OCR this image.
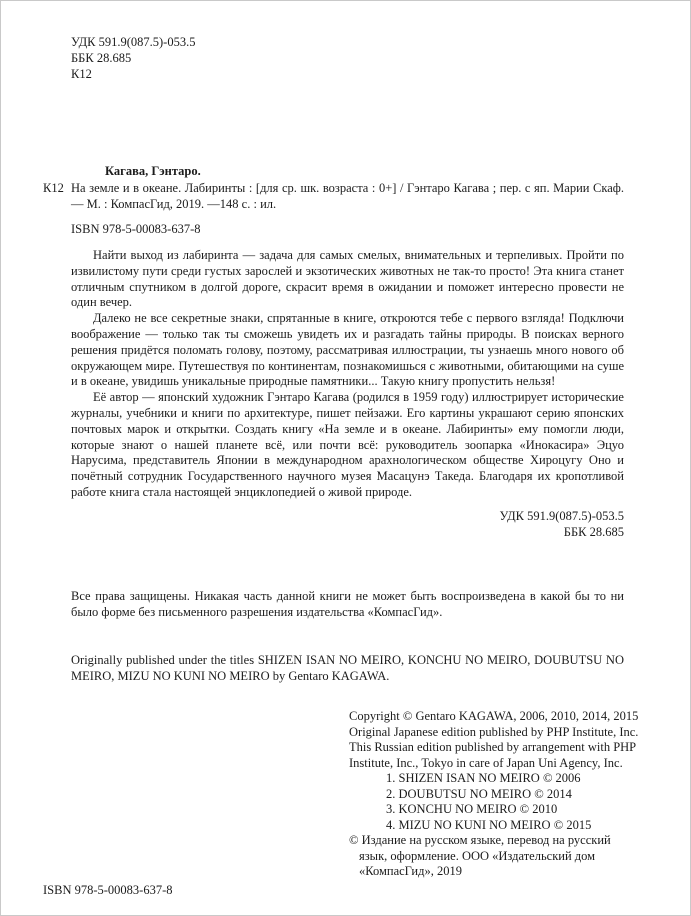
УДК 591.9(087.5)-053.5
ББК 28.685
К12
Кагава, Гэнтаро.
К12 На земле и в океане. Лабиринты : [для ср. шк. возраста : 0+] / Гэнтаро Кагава ; пер. с яп. Марии Скаф. — М. : КомпасГид, 2019. —148 с. : ил.

ISBN 978-5-00083-637-8

Найти выход из лабиринта — задача для самых смелых, внимательных и терпеливых. Пройти по извилистому пути среди густых зарослей и экзотических животных не так-то просто! Эта книга станет отличным спутником в долгой дороге, скрасит время в ожидании и поможет интересно провести не один вечер.

Далеко не все секретные знаки, спрятанные в книге, откроются тебе с первого взгляда! Подключи воображение — только так ты сможешь увидеть их и разгадать тайны природы. В поисках верного решения придётся поломать голову, поэтому, рассматривая иллюстрации, ты узнаешь много нового об окружающем мире. Путешествуя по континентам, познакомишься с животными, обитающими на суше и в океане, увидишь уникальные природные памятники... Такую книгу пропустить нельзя!

Её автор — японский художник Гэнтаро Кагава (родился в 1959 году) иллюстрирует исторические журналы, учебники и книги по архитектуре, пишет пейзажи. Его картины украшают серию японских почтовых марок и открытки. Создать книгу «На земле и в океане. Лабиринты» ему помогли люди, которые знают о нашей планете всё, или почти всё: руководитель зоопарка «Инокасира» Эцуо Нарусима, представитель Японии в международном арахнологическом обществе Хироцугу Оно и почётный сотрудник Государственного научного музея Масацунэ Такеда. Благодаря их кропотливой работе книга стала настоящей энциклопедией о живой природе.

УДК 591.9(087.5)-053.5
ББК 28.685

Все права защищены. Никакая часть данной книги не может быть воспроизведена в какой бы то ни было форме без письменного разрешения издательства «КомпасГид».

Originally published under the titles SHIZEN ISAN NO MEIRO, KONCHU NO MEIRO, DOUBUTSU NO MEIRO, MIZU NO KUNI NO MEIRO by Gentaro KAGAWA.

Copyright © Gentaro KAGAWA, 2006, 2010, 2014, 2015
Original Japanese edition published by PHP Institute, Inc.
This Russian edition published by arrangement with PHP
Institute, Inc., Tokyo in care of Japan Uni Agency, Inc.
1. SHIZEN ISAN NO MEIRO © 2006
2. DOUBUTSU NO MEIRO © 2014
3. KONCHU NO MEIRO © 2010
4. MIZU NO KUNI NO MEIRO © 2015
© Издание на русском языке, перевод на русский
язык, оформление. ООО «Издательский дом
«КомпасГид», 2019
ISBN 978-5-00083-637-8
